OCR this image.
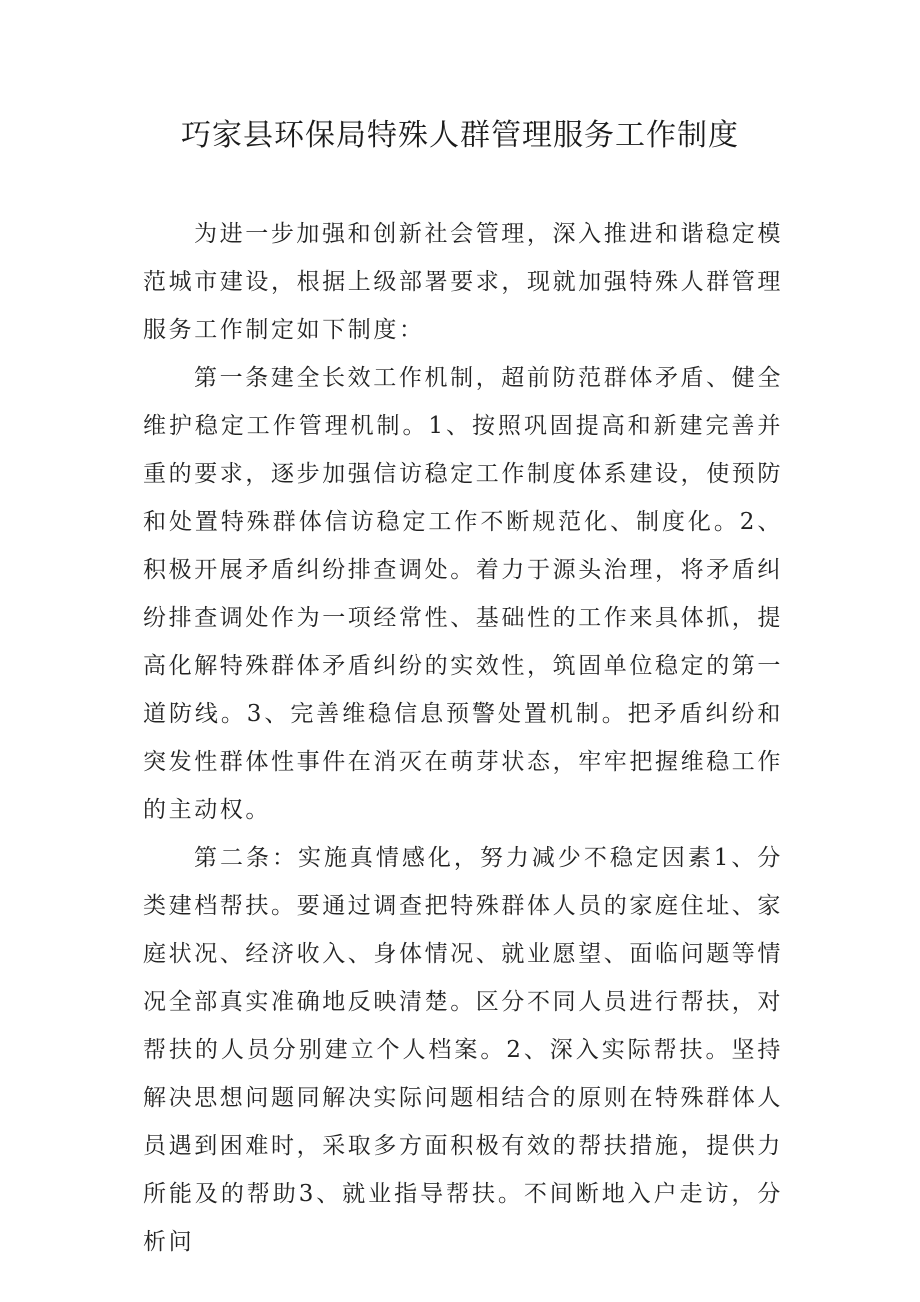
巧家县环保局特殊人群管理服务工作制度

为进一步加强和创新社会管理，深入推进和谐稳定模范城市建设，根据上级部署要求，现就加强特殊人群管理服务工作制定如下制度：

第一条建全长效工作机制，超前防范群体矛盾、健全维护稳定工作管理机制。1、按照巩固提高和新建完善并重的要求，逐步加强信访稳定工作制度体系建设，使预防和处置特殊群体信访稳定工作不断规范化、制度化。2、积极开展矛盾纠纷排查调处。着力于源头治理，将矛盾纠纷排查调处作为一项经常性、基础性的工作来具体抓，提高化解特殊群体矛盾纠纷的实效性，筑固单位稳定的第一道防线。3、完善维稳信息预警处置机制。把矛盾纠纷和突发性群体性事件在消灭在萌芽状态，牢牢把握维稳工作的主动权。

第二条：实施真情感化，努力减少不稳定因素1、分类建档帮扶。要通过调查把特殊群体人员的家庭住址、家庭状况、经济收入、身体情况、就业愿望、面临问题等情况全部真实准确地反映清楚。区分不同人员进行帮扶，对帮扶的人员分别建立个人档案。2、深入实际帮扶。坚持解决思想问题同解决实际问题相结合的原则在特殊群体人员遇到困难时，采取多方面积极有效的帮扶措施，提供力所能及的帮助3、就业指导帮扶。不间断地入户走访，分析问
